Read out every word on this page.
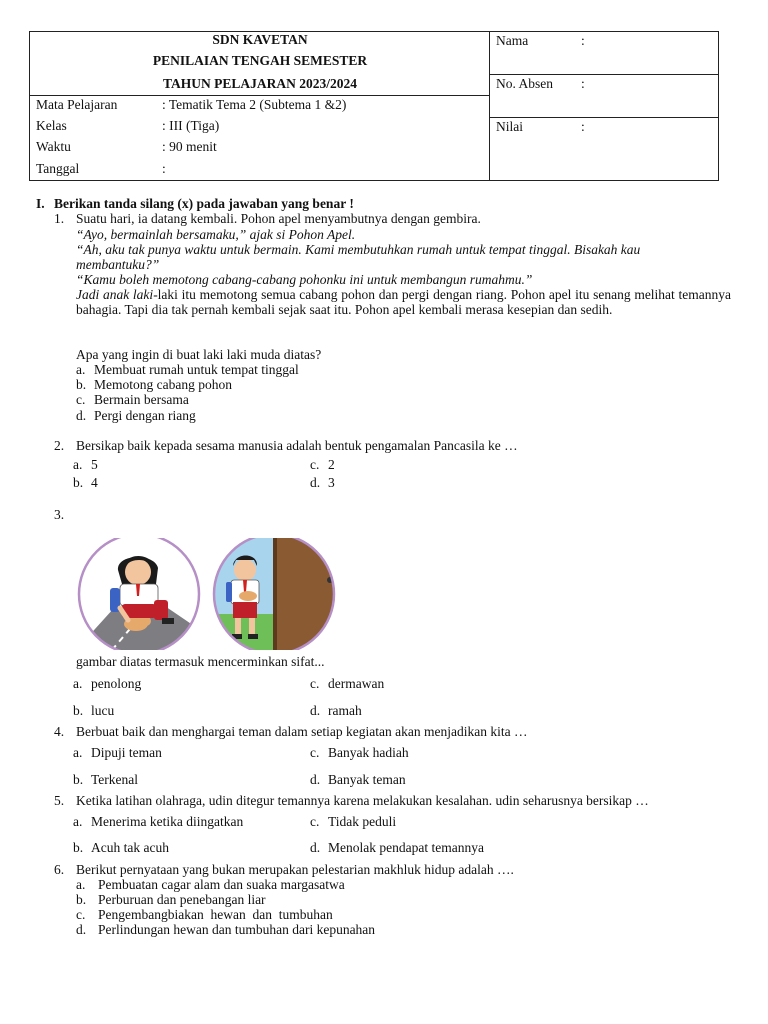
SDN KAVETAN
PENILAIAN TENGAH SEMESTER
TAHUN PELAJARAN 2023/2024
Mata Pelajaran	: Tematik Tema 2 (Subtema 1 &2)
Kelas	: III (Tiga)
Waktu	: 90 menit
Tanggal	:
Nama	:
No. Absen :
Nilai	:
I. Berikan tanda silang (x) pada jawaban yang benar !
1. Suatu hari, ia datang kembali. Pohon apel menyambutnya dengan gembira.
“Ayo, bermainlah bersamaku,” ajak si Pohon Apel.
“Ah, aku tak punya waktu untuk bermain. Kami membutuhkan rumah untuk tempat tinggal. Bisakah kau
membantuku?”
“Kamu boleh memotong cabang-cabang pohonku ini untuk membangun rumahmu.”
Jadi anak laki-laki itu memotong semua cabang pohon dan pergi dengan riang. Pohon apel itu senang melihat temannya bahagia. Tapi dia tak pernah kembali sejak saat itu. Pohon apel kembali merasa kesepian dan sedih.
Apa yang ingin di buat laki laki muda diatas?
a. Membuat rumah untuk tempat tinggal
b. Memotong cabang pohon
c. Bermain bersama
d. Pergi dengan riang
2. Bersikap baik kepada sesama manusia adalah bentuk pengamalan Pancasila ke …
a. 5	c. 2
b. 4	d. 3
3.
gambar diatas termasuk mencerminkan sifat...
a. penolong	c. dermawan
b. lucu	d. ramah
4. Berbuat baik dan menghargai teman dalam setiap kegiatan akan menjadikan kita …
a. Dipuji teman	c. Banyak hadiah
b. Terkenal	d. Banyak teman
5. Ketika latihan olahraga, udin ditegur temannya karena melakukan kesalahan. udin seharusnya bersikap …
a. Menerima ketika diingatkan	c. Tidak peduli
b. Acuh tak acuh	d. Menolak pendapat temannya
6. Berikut pernyataan yang bukan merupakan pelestarian makhluk hidup adalah ….
a. Pembuatan cagar alam dan suaka margasatwa
b. Perburuan dan penebangan liar
c. Pengembangbiakan  hewan  dan  tumbuhan
d. Perlindungan hewan dan tumbuhan dari kepunahan
